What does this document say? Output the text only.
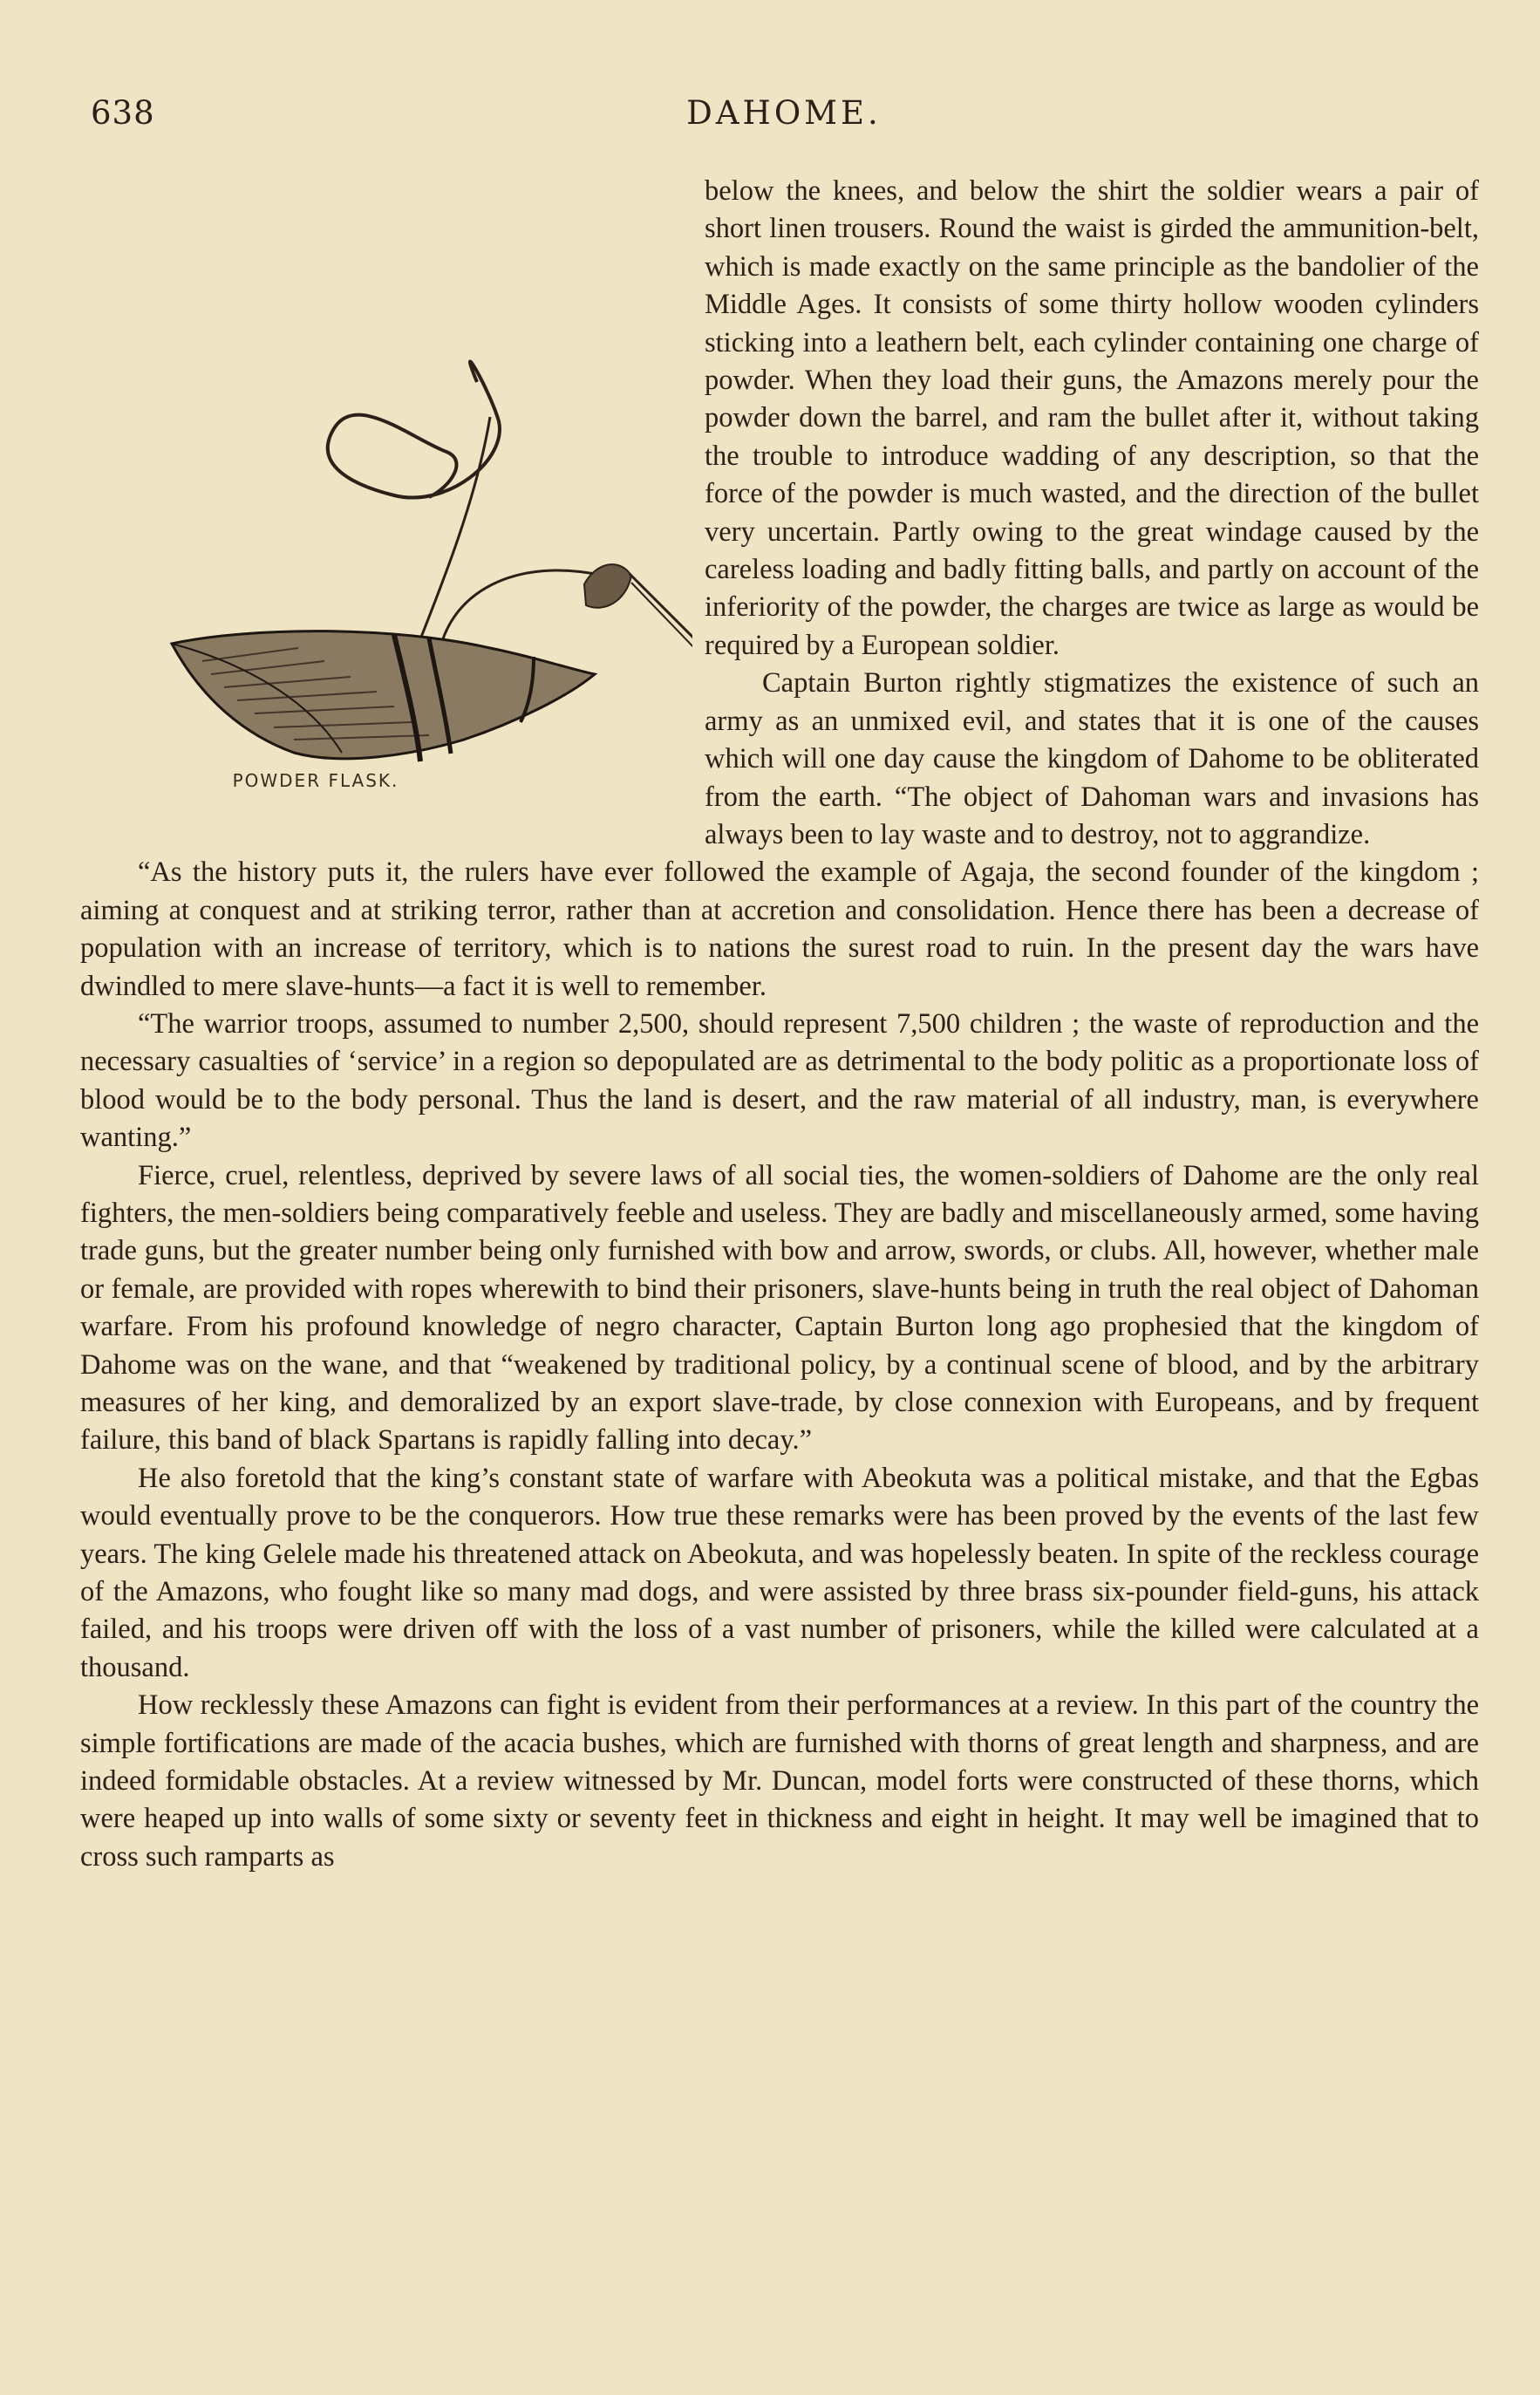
638	DAHOME.

POWDER FLASK.
below the knees, and below the shirt the soldier wears a pair of short linen trousers. Round the waist is girded the ammunition-belt, which is made exactly on the same principle as the bandolier of the Middle Ages. It consists of some thirty hollow wooden cylinders sticking into a leathern belt, each cylinder containing one charge of powder. When they load their guns, the Amazons merely pour the powder down the barrel, and ram the bullet after it, without taking the trouble to introduce wadding of any description, so that the force of the powder is much wasted, and the direction of the bullet very uncertain. Partly owing to the great windage caused by the careless loading and badly fitting balls, and partly on account of the inferiority of the powder, the charges are twice as large as would be required by a European soldier.

Captain Burton rightly stigmatizes the existence of such an army as an unmixed evil, and states that it is one of the causes which will one day cause the kingdom of Dahome to be obliterated from the earth. “The object of Dahoman wars and invasions has always been to lay waste and to destroy, not to aggrandize.

“As the history puts it, the rulers have ever followed the example of Agaja, the second founder of the kingdom ; aiming at conquest and at striking terror, rather than at accretion and consolidation. Hence there has been a decrease of population with an increase of territory, which is to nations the surest road to ruin. In the present day the wars have dwindled to mere slave-hunts—a fact it is well to remember.

“The warrior troops, assumed to number 2,500, should represent 7,500 children ; the waste of reproduction and the necessary casualties of ‘service’ in a region so depopulated are as detrimental to the body politic as a proportionate loss of blood would be to the body personal. Thus the land is desert, and the raw material of all industry, man, is everywhere wanting.”

Fierce, cruel, relentless, deprived by severe laws of all social ties, the women-soldiers of Dahome are the only real fighters, the men-soldiers being comparatively feeble and useless. They are badly and miscellaneously armed, some having trade guns, but the greater number being only furnished with bow and arrow, swords, or clubs. All, however, whether male or female, are provided with ropes wherewith to bind their prisoners, slave-hunts being in truth the real object of Dahoman warfare. From his profound knowledge of negro character, Captain Burton long ago prophesied that the kingdom of Dahome was on the wane, and that “weakened by traditional policy, by a continual scene of blood, and by the arbitrary measures of her king, and demoralized by an export slave-trade, by close connexion with Europeans, and by frequent failure, this band of black Spartans is rapidly falling into decay.”

He also foretold that the king’s constant state of warfare with Abeokuta was a political mistake, and that the Egbas would eventually prove to be the conquerors. How true these remarks were has been proved by the events of the last few years. The king Gelele made his threatened attack on Abeokuta, and was hopelessly beaten. In spite of the reckless courage of the Amazons, who fought like so many mad dogs, and were assisted by three brass six-pounder field-guns, his attack failed, and his troops were driven off with the loss of a vast number of prisoners, while the killed were calculated at a thousand.

How recklessly these Amazons can fight is evident from their performances at a review. In this part of the country the simple fortifications are made of the acacia bushes, which are furnished with thorns of great length and sharpness, and are indeed formidable obstacles. At a review witnessed by Mr. Duncan, model forts were constructed of these thorns, which were heaped up into walls of some sixty or seventy feet in thickness and eight in height. It may well be imagined that to cross such ramparts as
